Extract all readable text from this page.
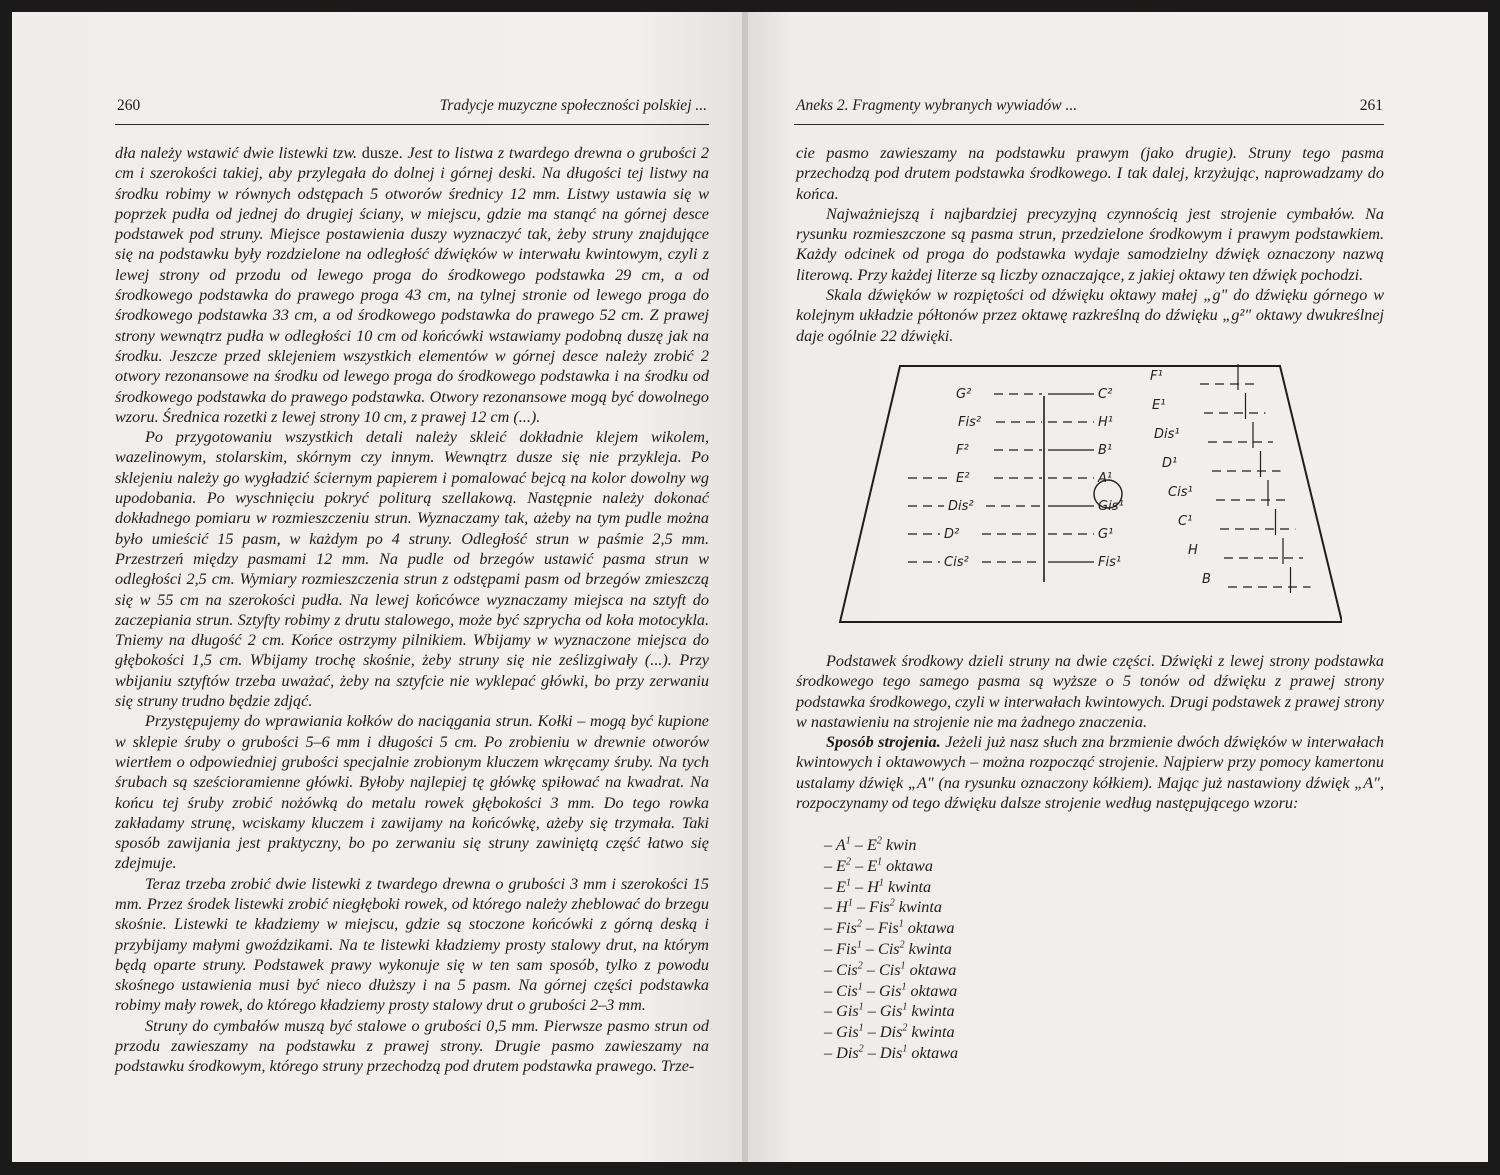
260	Tradycje muzyczne społeczności polskiej ...

dła należy wstawić dwie listewki tzw. dusze. Jest to listwa z twardego drewna o grubości 2 cm i szerokości takiej, aby przylegała do dolnej i górnej deski. Na długości tej listwy na środku robimy w równych odstępach 5 otworów średnicy 12 mm. Listwy ustawia się w poprzek pudła od jednej do drugiej ściany, w miejscu, gdzie ma stanąć na górnej desce podstawek pod struny. Miejsce postawienia duszy wyznaczyć tak, żeby struny znajdujące się na podstawku były rozdzielone na odległość dźwięków w interwału kwintowym, czyli z lewej strony od przodu od lewego proga do środkowego podstawka 29 cm, a od środkowego podstawka do prawego proga 43 cm, na tylnej stronie od lewego proga do środkowego podstawka 33 cm, a od środkowego podstawka do prawego 52 cm. Z prawej strony wewnątrz pudła w odległości 10 cm od końcówki wstawiamy podobną duszę jak na środku. Jeszcze przed sklejeniem wszystkich elementów w górnej desce należy zrobić 2 otwory rezonansowe na środku od lewego proga do środkowego podstawka i na środku od środkowego podstawka do prawego podstawka. Otwory rezonansowe mogą być dowolnego wzoru. Średnica rozetki z lewej strony 10 cm, z prawej 12 cm (...).

Po przygotowaniu wszystkich detali należy skleić dokładnie klejem wikolem, wazelinowym, stolarskim, skórnym czy innym. Wewnątrz dusze się nie przykleja. Po sklejeniu należy go wygładzić ściernym papierem i pomalować bejcą na kolor dowolny wg upodobania. Po wyschnięciu pokryć politurą szellakową. Następnie należy dokonać dokładnego pomiaru w rozmieszczeniu strun. Wyznaczamy tak, ażeby na tym pudle można było umieścić 15 pasm, w każdym po 4 struny. Odległość strun w paśmie 2,5 mm. Przestrzeń między pasmami 12 mm. Na pudle od brzegów ustawić pasma strun w odległości 2,5 cm. Wymiary rozmieszczenia strun z odstępami pasm od brzegów zmieszczą się w 55 cm na szerokości pudła. Na lewej końcówce wyznaczamy miejsca na sztyft do zaczepiania strun. Sztyfty robimy z drutu stalowego, może być szprycha od koła motocykla. Tniemy na długość 2 cm. Końce ostrzymy pilnikiem. Wbijamy w wyznaczone miejsca do głębokości 1,5 cm. Wbijamy trochę skośnie, żeby struny się nie ześlizgiwały (...). Przy wbijaniu sztyftów trzeba uważać, żeby na sztyfcie nie wyklepać główki, bo przy zerwaniu się struny trudno będzie zdjąć.

Przystępujemy do wprawiania kołków do naciągania strun. Kołki – mogą być kupione w sklepie śruby o grubości 5–6 mm i długości 5 cm. Po zrobieniu w drewnie otworów wiertłem o odpowiedniej grubości specjalnie zrobionym kluczem wkręcamy śruby. Na tych śrubach są sześcioramienne główki. Byłoby najlepiej tę główkę spiłować na kwadrat. Na końcu tej śruby zrobić nożówką do metalu rowek głębokości 3 mm. Do tego rowka zakładamy strunę, wciskamy kluczem i zawijamy na końcówkę, ażeby się trzymała. Taki sposób zawijania jest praktyczny, bo po zerwaniu się struny zawiniętą część łatwo się zdejmuje.

Teraz trzeba zrobić dwie listewki z twardego drewna o grubości 3 mm i szerokości 15 mm. Przez środek listewki zrobić niegłęboki rowek, od którego należy zheblować do brzegu skośnie. Listewki te kładziemy w miejscu, gdzie są stoczone końcówki z górną deską i przybijamy małymi gwoździkami. Na te listewki kładziemy prosty stalowy drut, na którym będą oparte struny. Podstawek prawy wykonuje się w ten sam sposób, tylko z powodu skośnego ustawienia musi być nieco dłuższy i na 5 pasm. Na górnej części podstawka robimy mały rowek, do którego kładziemy prosty stalowy drut o grubości 2–3 mm.

Struny do cymbałów muszą być stalowe o grubości 0,5 mm. Pierwsze pasmo strun od przodu zawieszamy na podstawku z prawej strony. Drugie pasmo zawieszamy na podstawku środkowym, którego struny przechodzą pod drutem podstawka prawego. Trze-

Aneks 2. Fragmenty wybranych wywiadów ...	261

cie pasmo zawieszamy na podstawku prawym (jako drugie). Struny tego pasma przechodzą pod drutem podstawka środkowego. I tak dalej, krzyżując, naprowadzamy do końca.

Najważniejszą i najbardziej precyzyjną czynnością jest strojenie cymbałów. Na rysunku rozmieszczone są pasma strun, przedzielone środkowym i prawym podstawkiem. Każdy odcinek od proga do podstawka wydaje samodzielny dźwięk oznaczony nazwą literową. Przy każdej literze są liczby oznaczające, z jakiej oktawy ten dźwięk pochodzi.

Skala dźwięków w rozpiętości od dźwięku oktawy małej „g" do dźwięku górnego w kolejnym układzie półtonów przez oktawę razkreślną do dźwięku „g²" oktawy dwukreślnej daje ogólnie 22 dźwięki.

G²
Fis²
F²
E²
Dis²
D²
Cis²
C²
H¹
B¹
A¹
Gis¹
G¹
Fis¹
F¹
E¹
Dis¹
D¹
Cis¹
C¹
H
B

Podstawek środkowy dzieli struny na dwie części. Dźwięki z lewej strony podstawka środkowego tego samego pasma są wyższe o 5 tonów od dźwięku z prawej strony podstawka środkowego, czyli w interwałach kwintowych. Drugi podstawek z prawej strony w nastawieniu na strojenie nie ma żadnego znaczenia.

Sposób strojenia. Jeżeli już nasz słuch zna brzmienie dwóch dźwięków w interwałach kwintowych i oktawowych – można rozpocząć strojenie. Najpierw przy pomocy kamertonu ustalamy dźwięk „A" (na rysunku oznaczony kółkiem). Mając już nastawiony dźwięk „A", rozpoczynamy od tego dźwięku dalsze strojenie według następującego wzoru:

– $A^1 - E^2$ kwin
– $E^2 - E^1$ oktawa
– $E^1 - H^1$ kwinta
– $H^1 - Fis^2$ kwinta
– Fis$^2$ – Fis$^1$ oktawa
– Fis$^1$ – Cis$^2$ kwinta
– Cis$^2$ – Cis$^1$ oktawa
– Cis$^1$ – Gis$^1$ oktawa
– Gis$^1$ – Gis$^1$ kwinta
– Gis$^1$ – Dis$^2$ kwinta
– Dis$^2$ – Dis$^1$ oktawa
